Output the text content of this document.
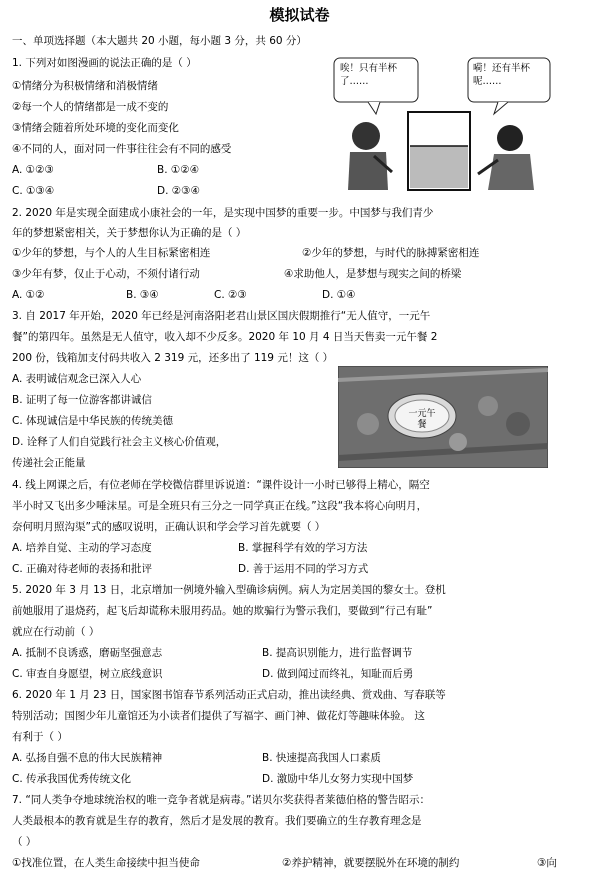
模拟试卷
一、单项选择题（本大题共 20 小题，每小题 3 分，共 60 分）
1. 下列对如图漫画的说法正确的是（ ）
①情绪分为积极情绪和消极情绪
②每一个人的情绪都是一成不变的
③情绪会随着所处环境的变化而变化
④不同的人，面对同一件事往往会有不同的感受
A. ①②③	B. ①②④
C. ①③④	D. ②③④
唉！只有半杯了……
嗬！还有半杯呢……
2. 2020 年是实现全面建成小康社会的一年，是实现中国梦的重要一步。中国梦与我们青少
年的梦想紧密相关，关于梦想你认为正确的是（ ）
①少年的梦想，与个人的人生目标紧密相连	②少年的梦想，与时代的脉搏紧密相连
③少年有梦，仅止于心动，不须付诸行动	④求助他人，是梦想与现实之间的桥梁
A. ①②	B. ③④	C. ②③	D. ①④
3. 自 2017 年开始，2020 年已经是河南洛阳老君山景区国庆假期推行“无人值守，一元午
餐”的第四年。虽然是无人值守，收入却不少反多。2020 年 10 月 4 日当天售卖一元午餐 2
200 份，钱箱加支付码共收入 2 319 元，还多出了 119 元！这（ ）
A. 表明诚信观念已深入人心
B. 证明了每一位游客都讲诚信
C. 体现诚信是中华民族的传统美德
D. 诠释了人们自觉践行社会主义核心价值观，
传递社会正能量
一元午餐
4. 线上网课之后，有位老师在学校微信群里诉说道：“课件设计一小时已够得上精心，隔空
半小时又飞出多少唾沫星。可是全班只有三分之一同学真正在线。”这段“我本将心向明月，
奈何明月照沟渠”式的感叹说明，正确认识和学会学习首先就要（ ）
A. 培养自觉、主动的学习态度	B. 掌握科学有效的学习方法
C. 正确对待老师的表扬和批评	D. 善于运用不同的学习方式
5. 2020 年 3 月 13 日，北京增加一例境外输入型确诊病例。病人为定居美国的黎女士。登机
前她服用了退烧药，起飞后却谎称未服用药品。她的欺骗行为警示我们，要做到“行己有耻”
就应在行动前（ ）
A. 抵制不良诱惑，磨砺坚强意志	B. 提高识别能力，进行监督调节
C. 审查自身愿望，树立底线意识	D. 做到闻过而终礼，知耻而后勇
6. 2020 年 1 月 23 日，国家图书馆春节系列活动正式启动，推出读经典、赏戏曲、写春联等
特别活动；国图少年儿童馆还为小读者们提供了写福字、画门神、做花灯等趣味体验。 这
有利于（ ）
A. 弘扬自强不息的伟大民族精神	B. 快速提高我国人口素质
C. 传承我国优秀传统文化	D. 激励中华儿女努力实现中国梦
7. “同人类争夺地球统治权的唯一竞争者就是病毒。”诺贝尔奖获得者莱德伯格的警告昭示：
人类最根本的教育就是生存的教育，然后才是发展的教育。我们要确立的生存教育理念是
（ ）
①找准位置，在人类生命接续中担当使命	②养护精神，就要摆脱外在环境的制约	③向
